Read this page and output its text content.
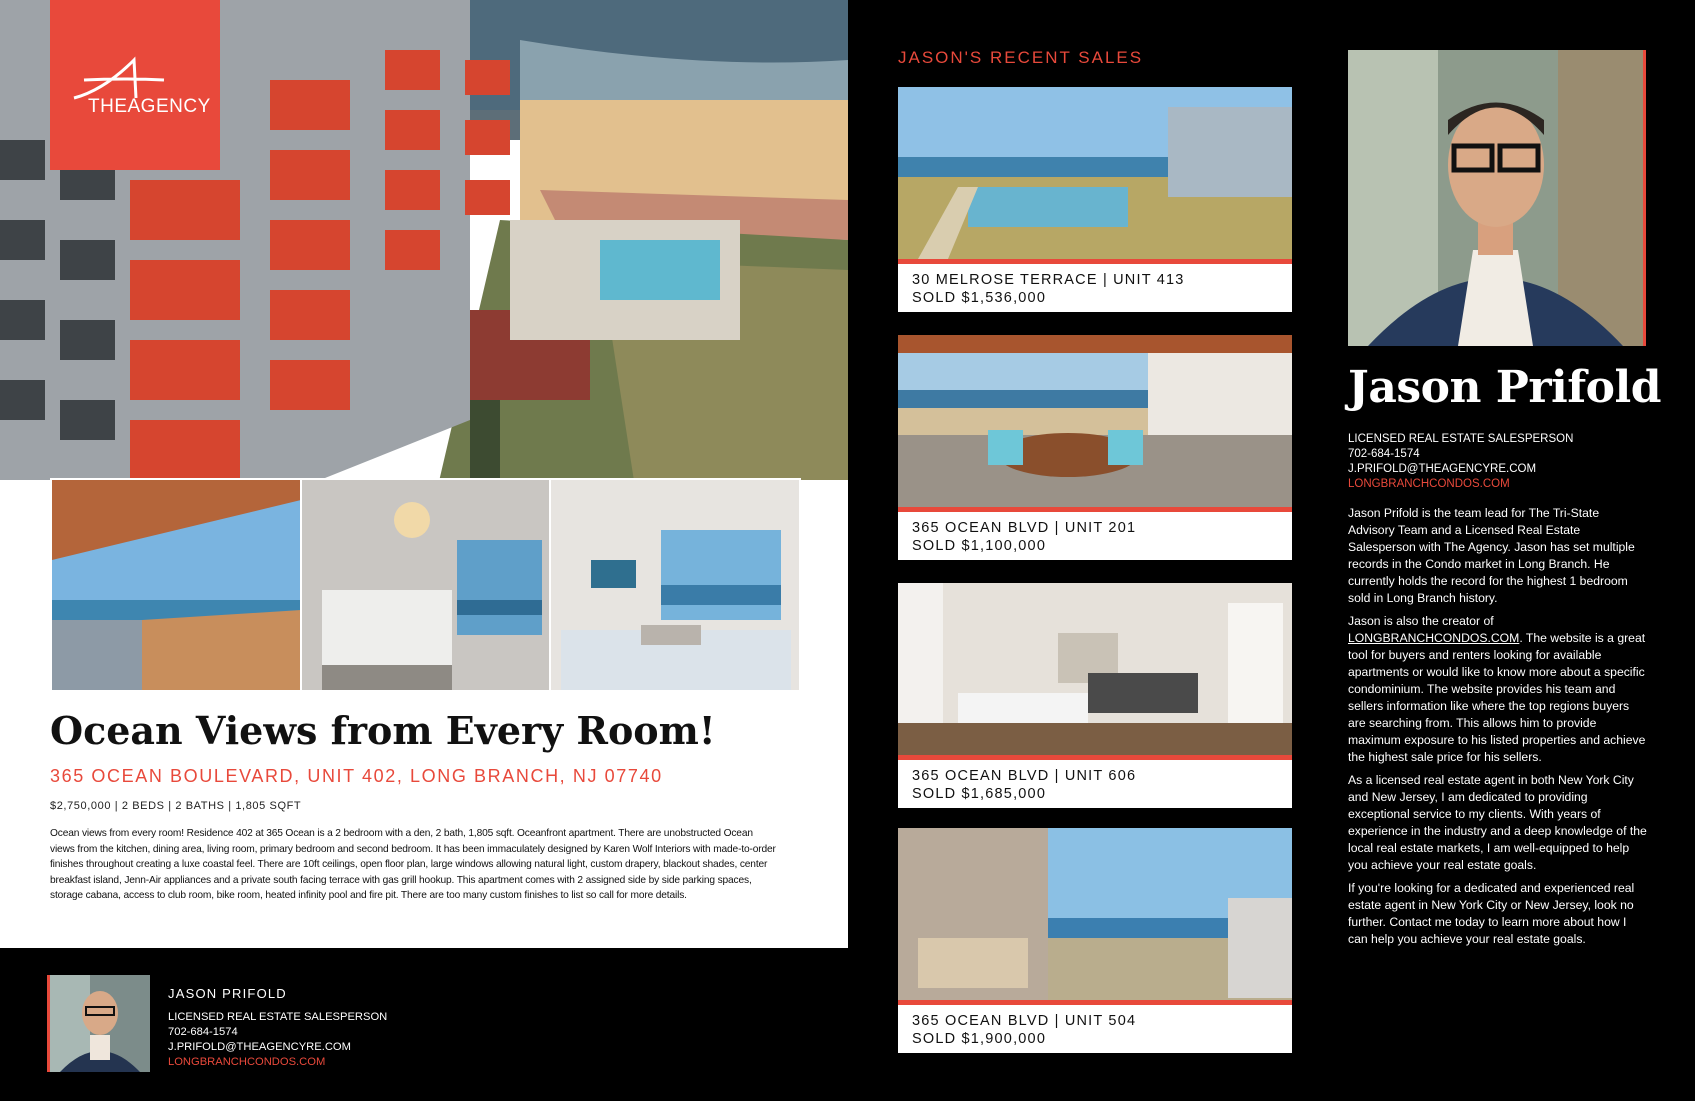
THEAGENCY
Ocean Views from Every Room!
365 OCEAN BOULEVARD, UNIT 402, LONG BRANCH, NJ 07740
$2,750,000 | 2 BEDS | 2 BATHS | 1,805 SQFT
Ocean views from every room! Residence 402 at 365 Ocean is a 2 bedroom with a den, 2 bath, 1,805 sqft. Oceanfront apartment. There are unobstructed Ocean views from the kitchen, dining area, living room, primary bedroom and second bedroom. It has been immaculately designed by Karen Wolf Interiors with made-to-order finishes throughout creating a luxe coastal feel. There are 10ft ceilings, open floor plan, large windows allowing natural light, custom drapery, blackout shades, center breakfast island, Jenn-Air appliances and a private south facing terrace with gas grill hookup. This apartment comes with 2 assigned side by side parking spaces, storage cabana, access to club room, bike room, heated infinity pool and fire pit. There are too many custom finishes to list so call for more details.
JASON PRIFOLD
LICENSED REAL ESTATE SALESPERSON
702-684-1574
J.PRIFOLD@THEAGENCYRE.COM
LONGBRANCHCONDOS.COM
JASON'S RECENT SALES
30 MELROSE TERRACE | UNIT 413
SOLD $1,536,000
365 OCEAN BLVD | UNIT 201
SOLD $1,100,000
365 OCEAN BLVD | UNIT 606
SOLD $1,685,000
365 OCEAN BLVD | UNIT 504
SOLD $1,900,000
Jason Prifold
LICENSED REAL ESTATE SALESPERSON
702-684-1574
J.PRIFOLD@THEAGENCYRE.COM
LONGBRANCHCONDOS.COM

Jason Prifold is the team lead for The Tri-State Advisory Team and a Licensed Real Estate Salesperson with The Agency. Jason has set multiple records in the Condo market in Long Branch. He currently holds the record for the highest 1 bedroom sold in Long Branch history.

Jason is also the creator of LONGBRANCHCONDOS.COM. The website is a great tool for buyers and renters looking for available apartments or would like to know more about a specific condominium. The website provides his team and sellers information like where the top regions buyers are searching from. This allows him to provide maximum exposure to his listed properties and achieve the highest sale price for his sellers.

As a licensed real estate agent in both New York City and New Jersey, I am dedicated to providing exceptional service to my clients. With years of experience in the industry and a deep knowledge of the local real estate markets, I am well-equipped to help you achieve your real estate goals.

If you're looking for a dedicated and experienced real estate agent in New York City or New Jersey, look no further. Contact me today to learn more about how I can help you achieve your real estate goals.
